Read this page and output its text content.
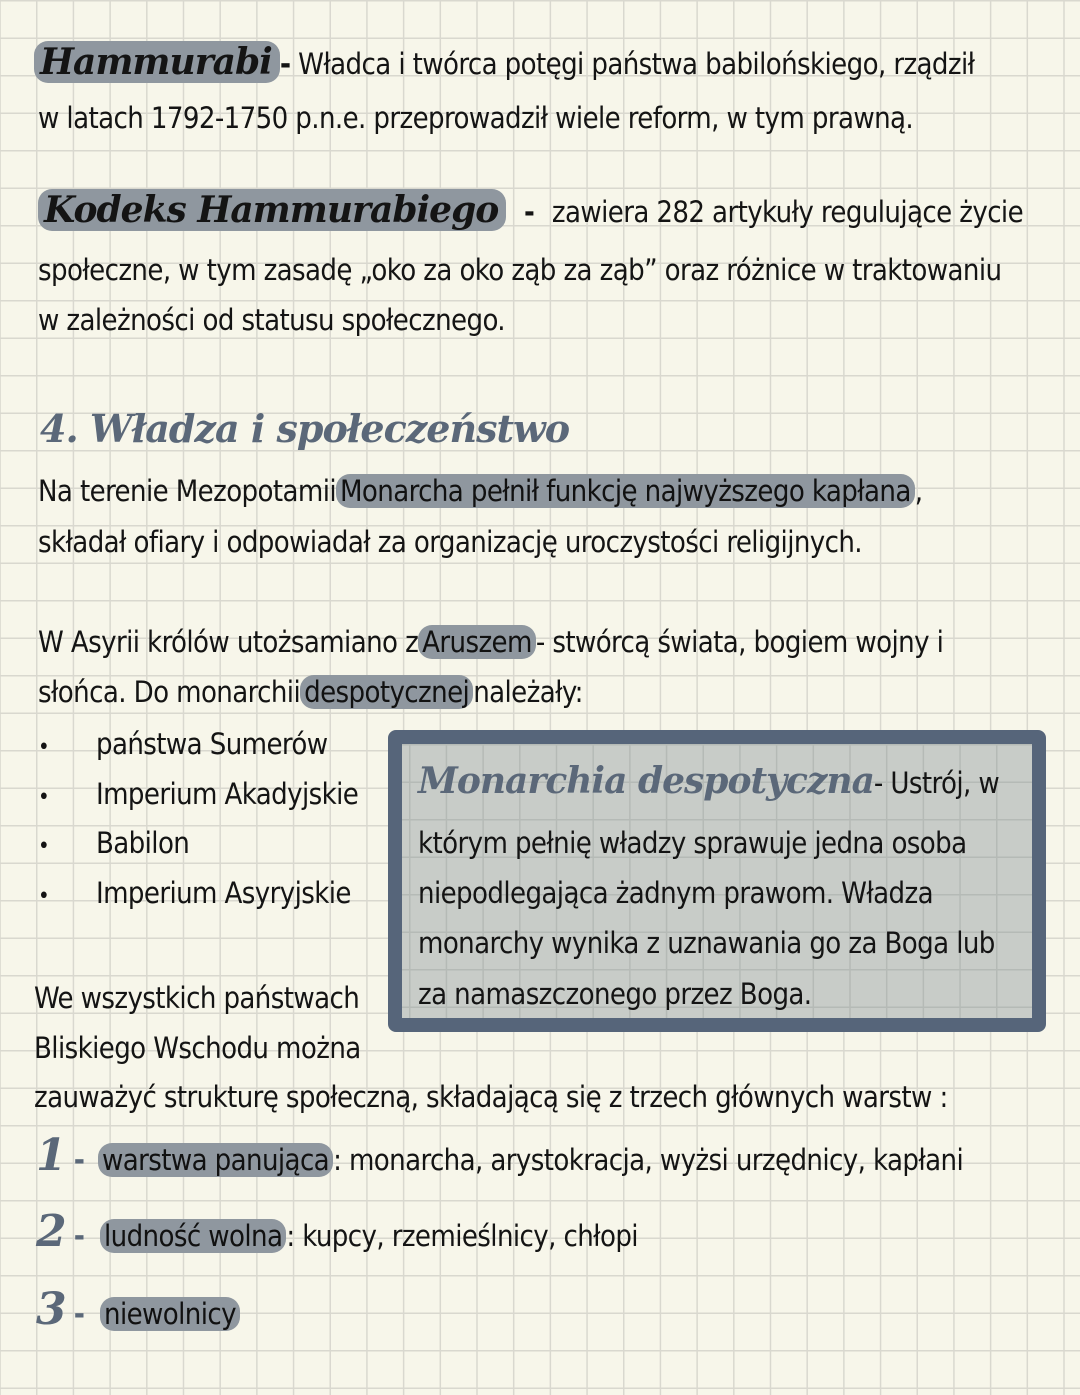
Hammurabi - Władca i twórca potęgi państwa babilońskiego, rządził
w latach 1792-1750 p.n.e. przeprowadził wiele reform, w tym prawną.
Kodeks Hammurabiego - zawiera 282 artykuły regulujące życie
społeczne, w tym zasadę „oko za oko ząb za ząb” oraz różnice w traktowaniu
w zależności od statusu społecznego.
4. Władza i społeczeństwo
Na terenie Mezopotamii Monarcha pełnił funkcję najwyższego kapłana ,
składał ofiary i odpowiadał za organizację uroczystości religijnych.
W Asyrii królów utożsamiano z Aruszem - stwórcą świata, bogiem wojny i
słońca. Do monarchii despotycznej należały:
• państwa Sumerów
• Imperium Akadyjskie
• Babilon
• Imperium Asyryjskie
Monarchia despotyczna- Ustrój, w
którym pełnię władzy sprawuje jedna osoba
niepodlegająca żadnym prawom. Władza
monarchy wynika z uznawania go za Boga lub
za namaszczonego przez Boga.
We wszystkich państwach
Bliskiego Wschodu można
zauważyć strukturę społeczną, składającą się z trzech głównych warstw :
1 - warstwa panująca : monarcha, arystokracja, wyżsi urzędnicy, kapłani
2 - ludność wolna : kupcy, rzemieślnicy, chłopi
3 - niewolnicy
